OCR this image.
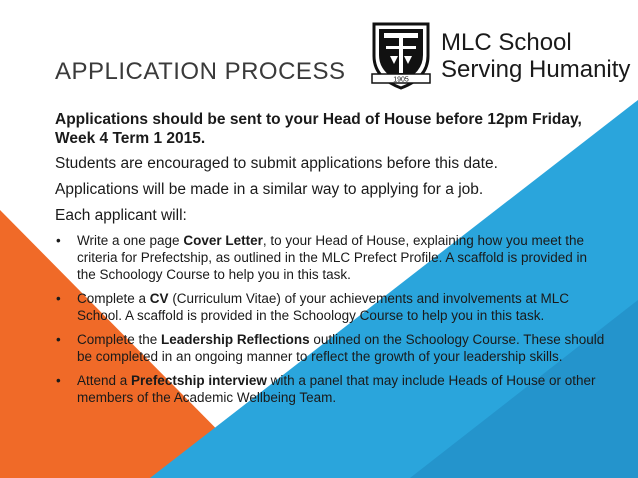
APPLICATION PROCESS	1905
MLC School
Serving Humanity

Applications should be sent to your Head of House before 12pm Friday, Week 4 Term 1 2015.

Students are encouraged to submit applications before this date.

Applications will be made in a similar way to applying for a job.

Each applicant will:

• Write a one page Cover Letter, to your Head of House, explaining how you meet the criteria for Prefectship, as outlined in the MLC Prefect Profile. A scaffold is provided in the Schoology Course to help you in this task.
• Complete a CV (Curriculum Vitae) of your achievements and involvements at MLC School. A scaffold is provided in the Schoology Course to help you in this task.
• Complete the Leadership Reflections outlined on the Schoology Course. These should be completed in an ongoing manner to reflect the growth of your leadership skills.
• Attend a Prefectship interview with a panel that may include Heads of House or other members of the Academic Wellbeing Team.
